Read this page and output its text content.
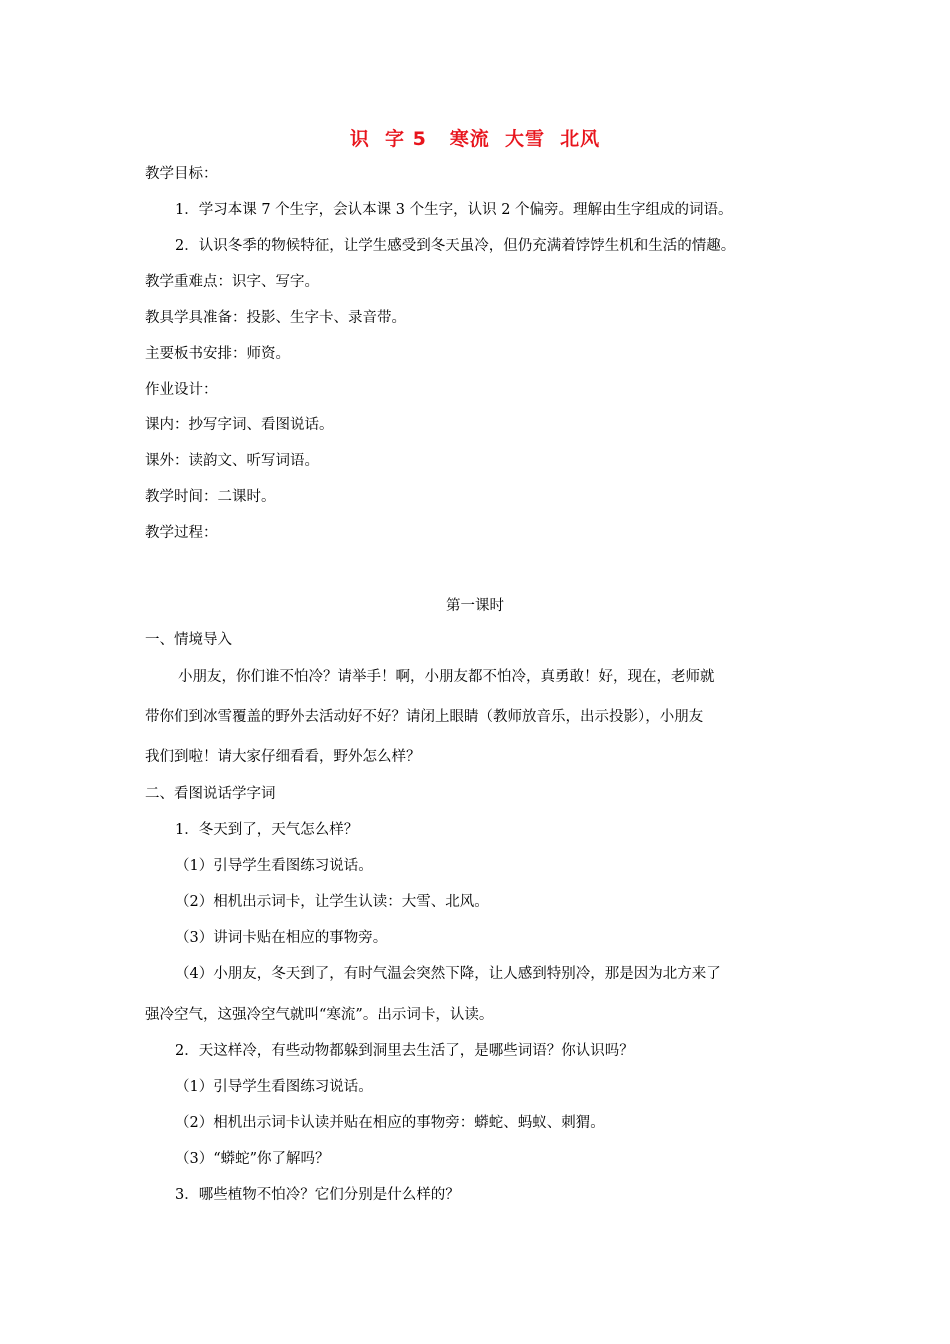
识  字 5   寒流  大雪  北风
教学目标：
1．学习本课 7 个生字，会认本课 3 个生字，认识 2 个偏旁。理解由生字组成的词语。
2．认识冬季的物候特征，让学生感受到冬天虽冷，但仍充满着饽饽生机和生活的情趣。
教学重难点：识字、写字。
教具学具准备：投影、生字卡、录音带。
主要板书安排：师资。
作业设计：
课内：抄写字词、看图说话。
课外：读韵文、听写词语。
教学时间：二课时。
教学过程：
第一课时
一、情境导入
小朋友，你们谁不怕冷？请举手！啊，小朋友都不怕冷，真勇敢！好，现在，老师就
带你们到冰雪覆盖的野外去活动好不好？请闭上眼睛（教师放音乐，出示投影），小朋友
我们到啦！请大家仔细看看，野外怎么样？
二、看图说话学字词
1．冬天到了，天气怎么样？
（1）引导学生看图练习说话。
（2）相机出示词卡，让学生认读：大雪、北风。
（3）讲词卡贴在相应的事物旁。
（4）小朋友，冬天到了，有时气温会突然下降，让人感到特别冷，那是因为北方来了
强冷空气，这强冷空气就叫“寒流”。出示词卡，认读。
2．天这样冷，有些动物都躲到洞里去生活了，是哪些词语？你认识吗？
（1）引导学生看图练习说话。
（2）相机出示词卡认读并贴在相应的事物旁：蟒蛇、蚂蚁、刺猬。
（3）“蟒蛇”你了解吗？
3．哪些植物不怕冷？它们分别是什么样的？
